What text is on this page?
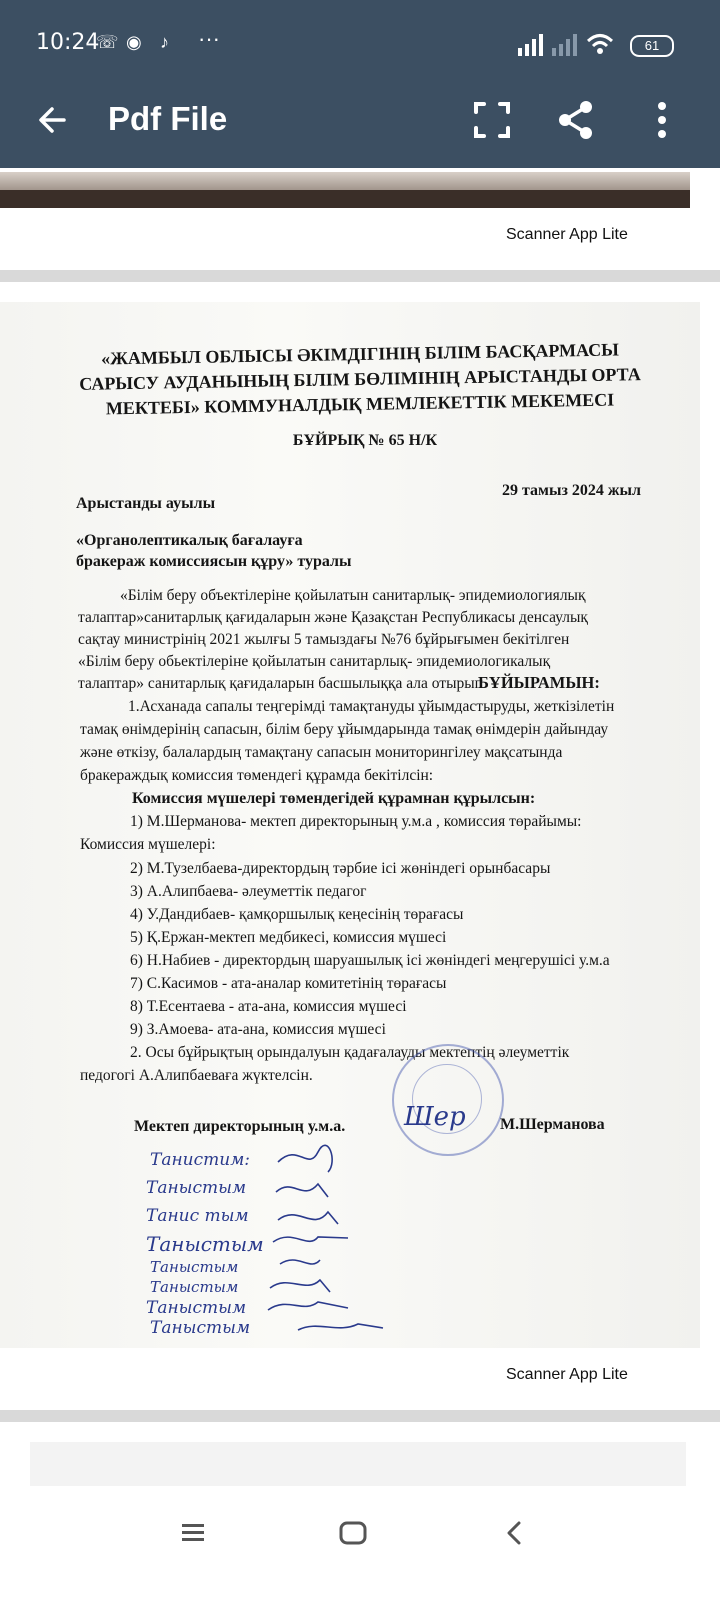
10:24
☏ ◉ ♪ ···	61
Pdf File
Scanner App Lite
«ЖАМБЫЛ ОБЛЫСЫ ӘКІМДІГІНІҢ БІЛІМ БАСҚАРМАСЫ
САРЫСУ АУДАНЫНЫҢ БІЛІМ БӨЛІМІНІҢ АРЫСТАНДЫ ОРТА
МЕКТЕБІ» КОММУНАЛДЫҚ МЕМЛЕКЕТТІК МЕКЕМЕСІ
БҰЙРЫҚ № 65 Н/К
Арыстанды ауылы
29 тамыз 2024 жыл
«Органолептикалық бағалауға
бракераж комиссиясын құру» туралы
«Білім беру объектілеріне қойылатын санитарлық- эпидемиологиялық
талаптар»санитарлық қағидаларын және Қазақстан Республикасы денсаулық
сақтау министрінің 2021 жылғы 5 тамыздағы №76 бұйрығымен бекітілген
«Білім беру обьектілеріне қойылатын санитарлық- эпидемиологикалық
талаптар» санитарлық қағидаларын басшылыққа ала отырып
БҰЙЫРАМЫН:
1.Асханада сапалы теңгерімді тамақтануды ұйымдастыруды, жеткізілетін
тамақ өнімдерінің сапасын, білім беру ұйымдарында тамақ өнімдерін дайындау
және өткізу, балалардың тамақтану сапасын мониторингілеу мақсатында
бракераждық комиссия төмендегі құрамда бекітілсін:
Комиссия мүшелері төмендегідей құрамнан құрылсын:
1) М.Шерманова- мектеп директорының у.м.а , комиссия төрайымы:
Комиссия мүшелері:
2) М.Тузелбаева-директордың тәрбие ісі жөніндегі орынбасары
3) А.Алипбаева- әлеуметтік педагог
4) У.Дандибаев- қамқоршылық кеңесінің төрағасы
5) Қ.Ержан-мектеп медбикесі, комиссия мүшесі
6) Н.Набиев - директордың шаруашылық ісі жөніндегі меңгерушісі у.м.а
7) С.Касимов - ата-аналар комитетінің төрағасы
8) Т.Есентаева - ата-ана, комиссия мүшесі
9) З.Амоева- ата-ана, комиссия мүшесі
2. Осы бұйрықтың орындалуын қадағалауды мектептің әлеуметтік
педогогі А.Алипбаеваға жүктелсін.
Шер
Мектеп директорының у.м.а.	М.Шерманова
Танистим:
Таныстым
Танис тым
Таныстым
Таныстым
Таныстым
Таныстым
Таныстым
Scanner App Lite
